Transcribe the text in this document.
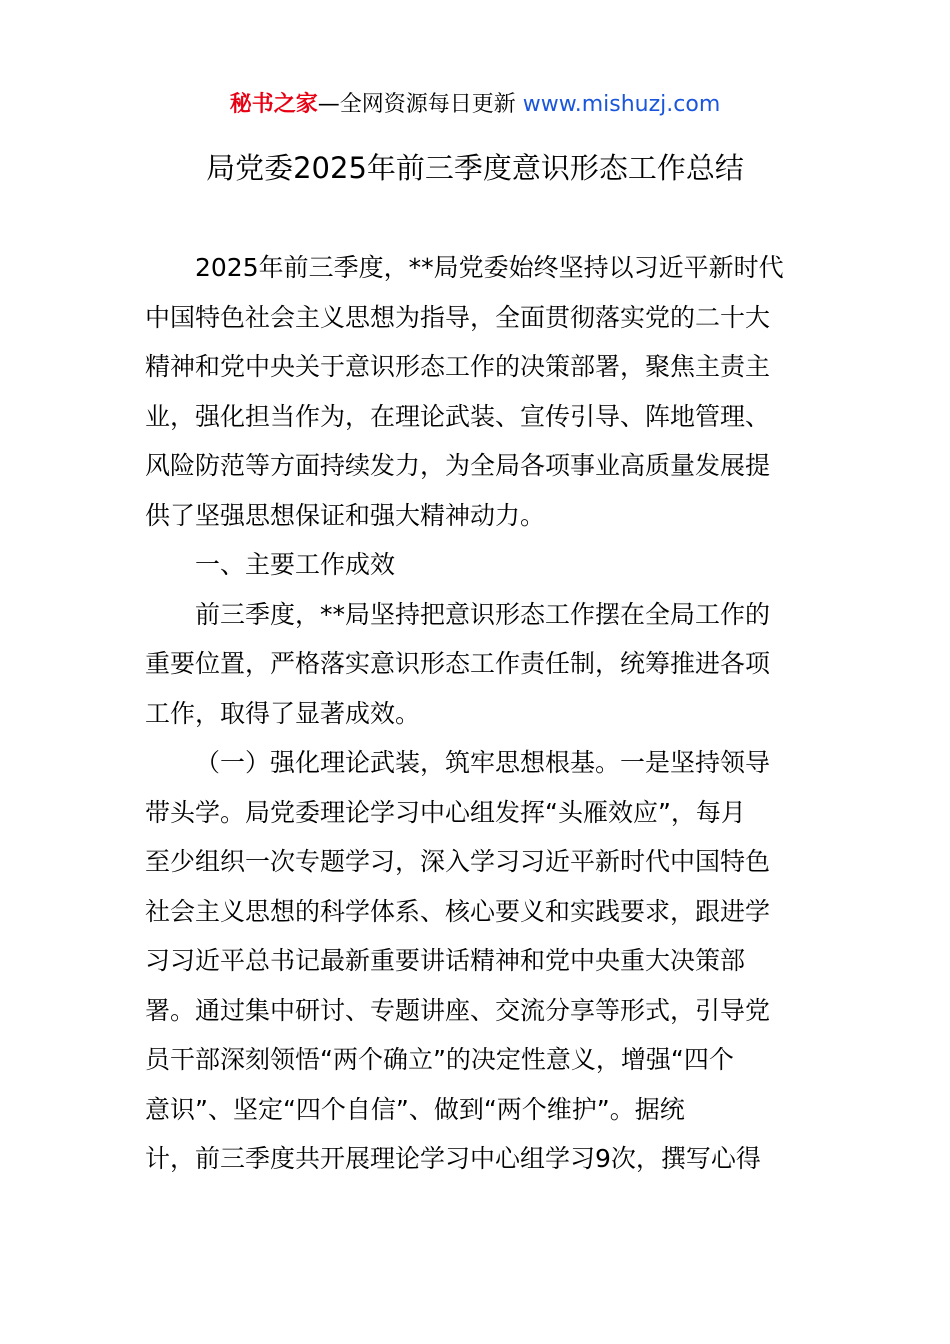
秘书之家—全网资源每日更新 www.mishuzj.com
局党委2025年前三季度意识形态工作总结

2025年前三季度，**局党委始终坚持以习近平新时代
中国特色社会主义思想为指导，全面贯彻落实党的二十大
精神和党中央关于意识形态工作的决策部署，聚焦主责主
业，强化担当作为，在理论武装、宣传引导、阵地管理、
风险防范等方面持续发力，为全局各项事业高质量发展提
供了坚强思想保证和强大精神动力。

一、主要工作成效

前三季度，**局坚持把意识形态工作摆在全局工作的
重要位置，严格落实意识形态工作责任制，统筹推进各项
工作，取得了显著成效。

（一）强化理论武装，筑牢思想根基。一是坚持领导
带头学。局党委理论学习中心组发挥“头雁效应”，每月
至少组织一次专题学习，深入学习习近平新时代中国特色
社会主义思想的科学体系、核心要义和实践要求，跟进学
习习近平总书记最新重要讲话精神和党中央重大决策部
署。通过集中研讨、专题讲座、交流分享等形式，引导党
员干部深刻领悟“两个确立”的决定性意义，增强“四个
意识”、坚定“四个自信”、做到“两个维护”。据统
计，前三季度共开展理论学习中心组学习9次，撰写心得
